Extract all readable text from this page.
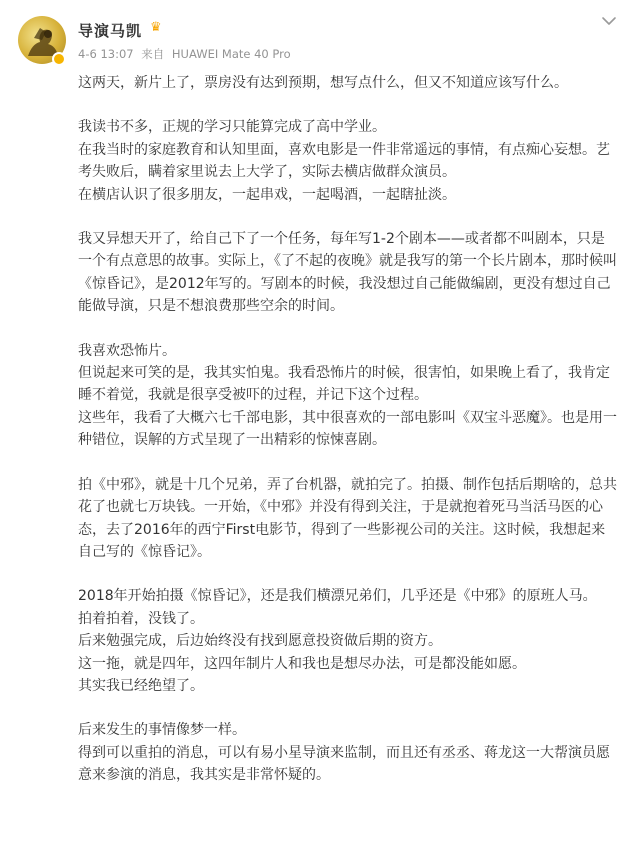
导演马凯 ♛
4-6 13:07 来自 HUAWEI Mate 40 Pro

这两天，新片上了，票房没有达到预期，想写点什么，但又不知道应该写什么。

我读书不多，正规的学习只能算完成了高中学业。

在我当时的家庭教育和认知里面，喜欢电影是一件非常遥远的事情，有点痴心妄想。艺考失败后，瞒着家里说去上大学了，实际去横店做群众演员。

在横店认识了很多朋友，一起串戏，一起喝酒，一起瞎扯淡。

我又异想天开了，给自己下了一个任务，每年写1-2个剧本——或者都不叫剧本，只是一个有点意思的故事。实际上，《了不起的夜晚》就是我写的第一个长片剧本，那时候叫《惊昏记》，是2012年写的。写剧本的时候，我没想过自己能做编剧，更没有想过自己能做导演，只是不想浪费那些空余的时间。

我喜欢恐怖片。

但说起来可笑的是，我其实怕鬼。我看恐怖片的时候，很害怕，如果晚上看了，我肯定睡不着觉，我就是很享受被吓的过程，并记下这个过程。

这些年，我看了大概六七千部电影，其中很喜欢的一部电影叫《双宝斗恶魔》。也是用一种错位，误解的方式呈现了一出精彩的惊悚喜剧。

拍《中邪》，就是十几个兄弟，弄了台机器，就拍完了。拍摄、制作包括后期啥的，总共花了也就七万块钱。一开始，《中邪》并没有得到关注，于是就抱着死马当活马医的心态，去了2016年的西宁First电影节，得到了一些影视公司的关注。这时候，我想起来自己写的《惊昏记》。

2018年开始拍摄《惊昏记》，还是我们横漂兄弟们，几乎还是《中邪》的原班人马。

拍着拍着，没钱了。

后来勉强完成，后边始终没有找到愿意投资做后期的资方。

这一拖，就是四年，这四年制片人和我也是想尽办法，可是都没能如愿。

其实我已经绝望了。

后来发生的事情像梦一样。

得到可以重拍的消息，可以有易小星导演来监制，而且还有丞丞、蒋龙这一大帮演员愿意来参演的消息，我其实是非常怀疑的。
